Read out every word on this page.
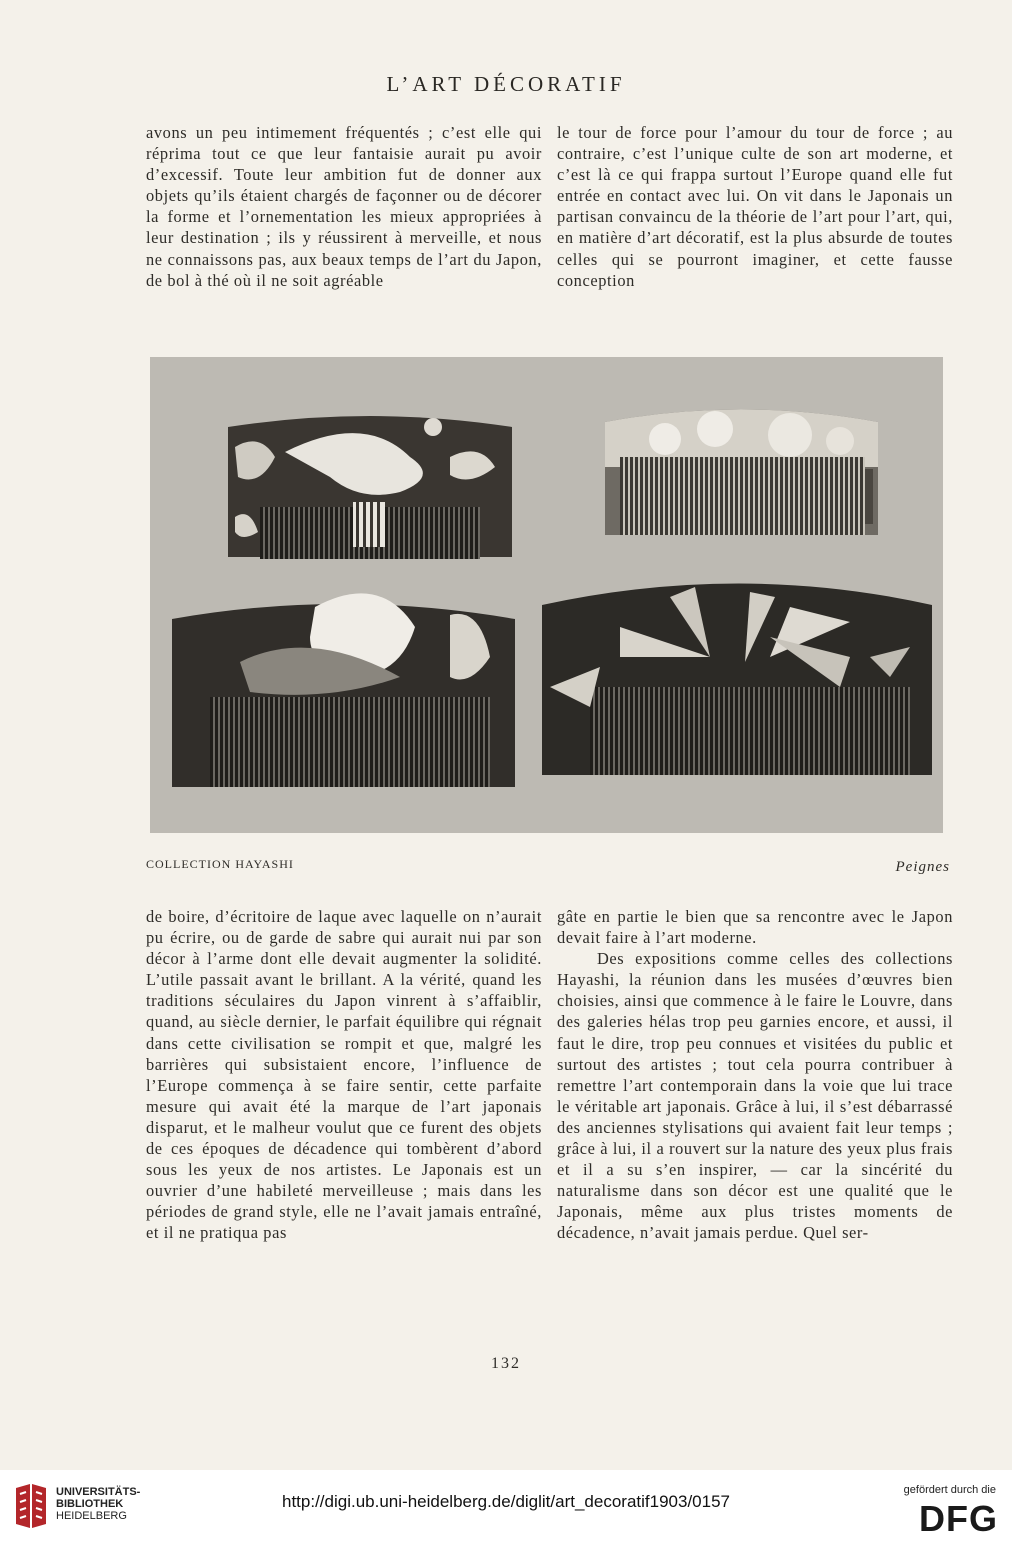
L’ART DÉCORATIF

avons un peu intimement fréquentés ; c’est elle qui réprima tout ce que leur fantaisie aurait pu avoir d’excessif. Toute leur ambition fut de donner aux objets qu’ils étaient chargés de façonner ou de décorer la forme et l’ornementation les mieux appropriées à leur destination ; ils y réussirent à merveille, et nous ne connaissons pas, aux beaux temps de l’art du Japon, de bol à thé où il ne soit agréable

le tour de force pour l’amour du tour de force ; au contraire, c’est l’unique culte de son art moderne, et c’est là ce qui frappa surtout l’Europe quand elle fut entrée en contact avec lui. On vit dans le Japonais un partisan convaincu de la théorie de l’art pour l’art, qui, en matière d’art décoratif, est la plus absurde de toutes celles qui se pourront imaginer, et cette fausse conception

COLLECTION HAYASHI	Peignes

de boire, d’écritoire de laque avec laquelle on n’aurait pu écrire, ou de garde de sabre qui aurait nui par son décor à l’arme dont elle devait augmenter la solidité. L’utile passait avant le brillant. A la vérité, quand les traditions séculaires du Japon vinrent à s’affaiblir, quand, au siècle dernier, le parfait équilibre qui régnait dans cette civilisation se rompit et que, malgré les barrières qui subsistaient encore, l’influence de l’Europe commença à se faire sentir, cette parfaite mesure qui avait été la marque de l’art japonais disparut, et le malheur voulut que ce furent des objets de ces époques de décadence qui tombèrent d’abord sous les yeux de nos artistes. Le Japonais est un ouvrier d’une habileté merveilleuse ; mais dans les périodes de grand style, elle ne l’avait jamais entraîné, et il ne pratiqua pas

gâte en partie le bien que sa rencontre avec le Japon devait faire à l’art moderne.

Des expositions comme celles des collections Hayashi, la réunion dans les musées d’œuvres bien choisies, ainsi que commence à le faire le Louvre, dans des galeries hélas trop peu garnies encore, et aussi, il faut le dire, trop peu connues et visitées du public et surtout des artistes ; tout cela pourra contribuer à remettre l’art contemporain dans la voie que lui trace le véritable art japonais. Grâce à lui, il s’est débarrassé des anciennes stylisations qui avaient fait leur temps ; grâce à lui, il a rouvert sur la nature des yeux plus frais et il a su s’en inspirer, — car la sincérité du naturalisme dans son décor est une qualité que le Japonais, même aux plus tristes moments de décadence, n’avait jamais perdue. Quel ser-

132
UNIVERSITÄTS-
BIBLIOTHEK
HEIDELBERG
http://digi.ub.uni-heidelberg.de/diglit/art_decoratif1903/0157
gefördert durch die
DFG
